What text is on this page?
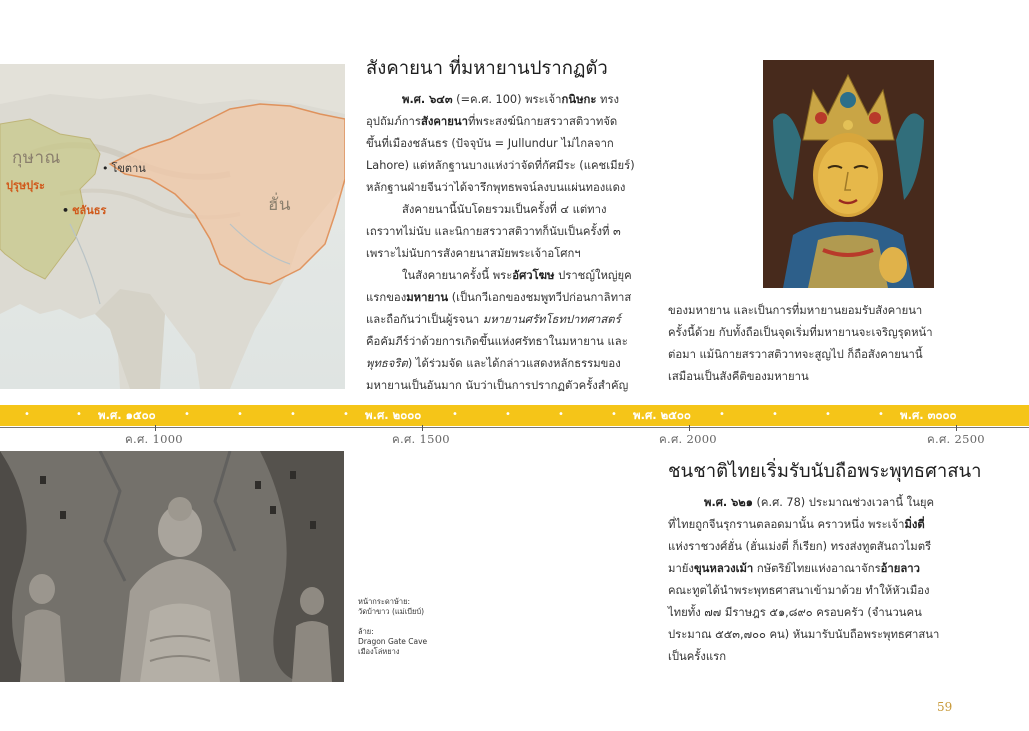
กุษาณ
• โขตาน
ปุรุษปุระ
• ชลันธร	ฮั่น
สังคายนา ที่มหายานปรากฏตัว
พ.ศ. ๖๔๓ (=ค.ศ. 100) พระเจ้ากนิษกะ ทรง
อุปถัมภ์การสังคายนาที่พระสงฆ์นิกายสรวาสติวาทจัด
ขึ้นที่เมืองชลันธร (ปัจจุบัน = Jullundur ไม่ไกลจาก
Lahore) แต่หลักฐานบางแห่งว่าจัดที่กัศมีระ (แคชเมียร์)
หลักฐานฝ่ายจีนว่าได้จารึกพุทธพจน์ลงบนแผ่นทองแดง
สังคายนานี้นับโดยรวมเป็นครั้งที่ ๔ แต่ทาง
เถรวาทไม่นับ และนิกายสรวาสติวาทก็นับเป็นครั้งที่ ๓
เพราะไม่นับการสังคายนาสมัยพระเจ้าอโศกฯ
ในสังคายนาครั้งนี้ พระอัศวโฆษ ปราชญ์ใหญ่ยุค
แรกของมหายาน (เป็นกวีเอกของชมพูทวีปก่อนกาลิทาส
และถือกันว่าเป็นผู้รจนา มหายานศรัทโธทปาทศาสตร์
คือคัมภีร์ว่าด้วยการเกิดขึ้นแห่งศรัทธาในมหายาน และ
พุทธจริต) ได้ร่วมจัด และได้กล่าวแสดงหลักธรรมของ
มหายานเป็นอันมาก นับว่าเป็นการปรากฏตัวครั้งสำคัญ
ของมหายาน และเป็นการที่มหายานยอมรับสังคายนา
ครั้งนี้ด้วย กับทั้งถือเป็นจุดเริ่มที่มหายานจะเจริญรุดหน้า
ต่อมา แม้นิกายสรวาสติวาทจะสูญไป ก็ถือสังคายนานี้
เสมือนเป็นสังคีติของมหายาน
•	• พ.ศ. ๑๕๐๐	•	•	•	• พ.ศ. ๒๐๐๐	•	•	•	• พ.ศ. ๒๕๐๐	•	•	•	• พ.ศ. ๓๐๐๐
ค.ศ. 1000	ค.ศ. 1500	ค.ศ. 2000	ค.ศ. 2500
หน้ากระดาษ้าย:
วัดบ้าขาว (แม่เบียบ์)
ล้าย:
Dragon Gate Cave
เมืองโล่หยาง
ชนชาติไทยเริ่มรับนับถือพระพุทธศาสนา
พ.ศ. ๖๒๑ (ค.ศ. 78) ประมาณช่วงเวลานี้ ในยุค
ที่ไทยถูกจีนรุกรานตลอดมานั้น คราวหนึ่ง พระเจ้ามิ่งตี่
แห่งราชวงศ์ฮั่น (ฮั่นเม่งตี่ ก็เรียก) ทรงส่งทูตสันถวไมตรี
มายังขุนหลวงเม้า กษัตริย์ไทยแห่งอาณาจักรอ้ายลาว
คณะทูตได้นำพระพุทธศาสนาเข้ามาด้วย ทำให้หัวเมือง
ไทยทั้ง ๗๗ มีราษฎร ๕๑,๘๙๐ ครอบครัว (จำนวนคน
ประมาณ ๕๕๓,๗๐๐ คน) หันมารับนับถือพระพุทธศาสนา
เป็นครั้งแรก
59
